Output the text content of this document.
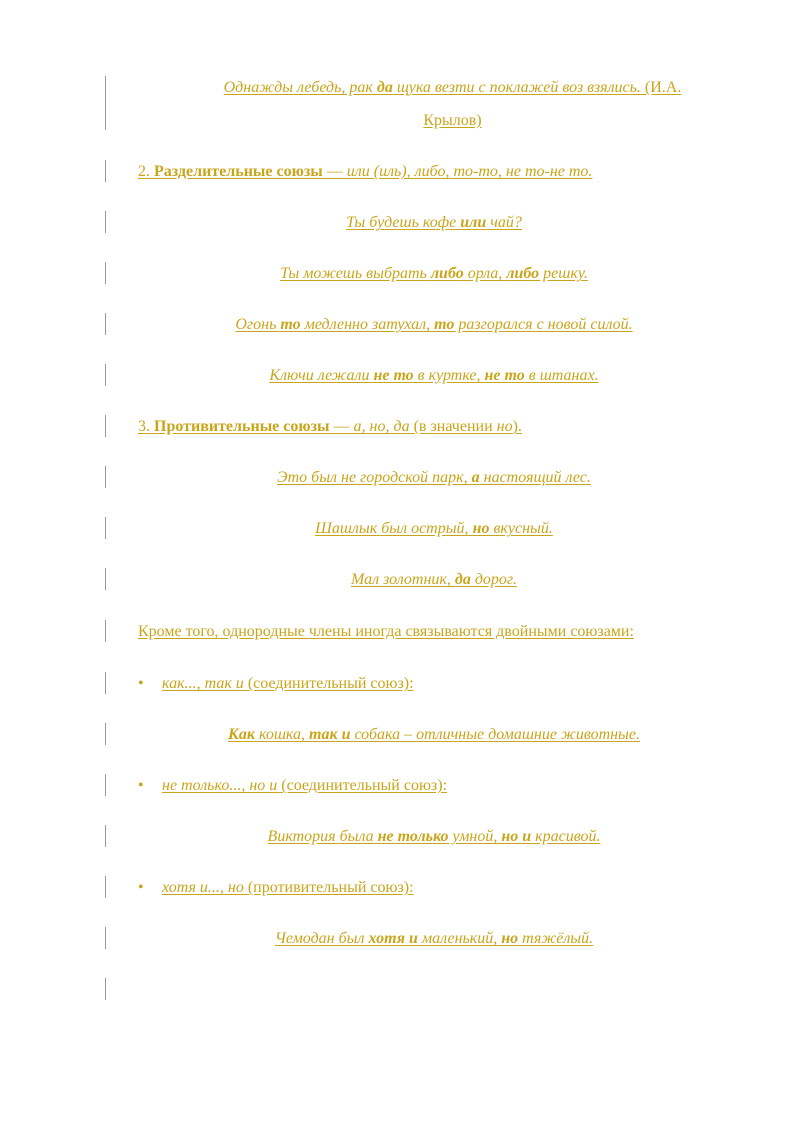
Однажды лебедь, рак да щука везти с поклажей воз взялись. (И.А.
Крылов)
2. Разделительные союзы — или (иль), либо, то-то, не то-не то.
Ты будешь кофе или чай?
Ты можешь выбрать либо орла, либо решку.
Огонь то медленно затухал, то разгорался с новой силой.
Ключи лежали не то в куртке, не то в штанах.
3. Противительные союзы — а, но, да (в значении но).
Это был не городской парк, а настоящий лес.
Шашлык был острый, но вкусный.
Мал золотник, да дорог.
Кроме того, однородные члены иногда связываются двойными союзами:
• как..., так и (соединительный союз):
Как кошка, так и собака – отличные домашние животные.
• не только..., но и (соединительный союз):
Виктория была не только умной, но и красивой.
• хотя и..., но (противительный союз):
Чемодан был хотя и маленький, но тяжёлый.
